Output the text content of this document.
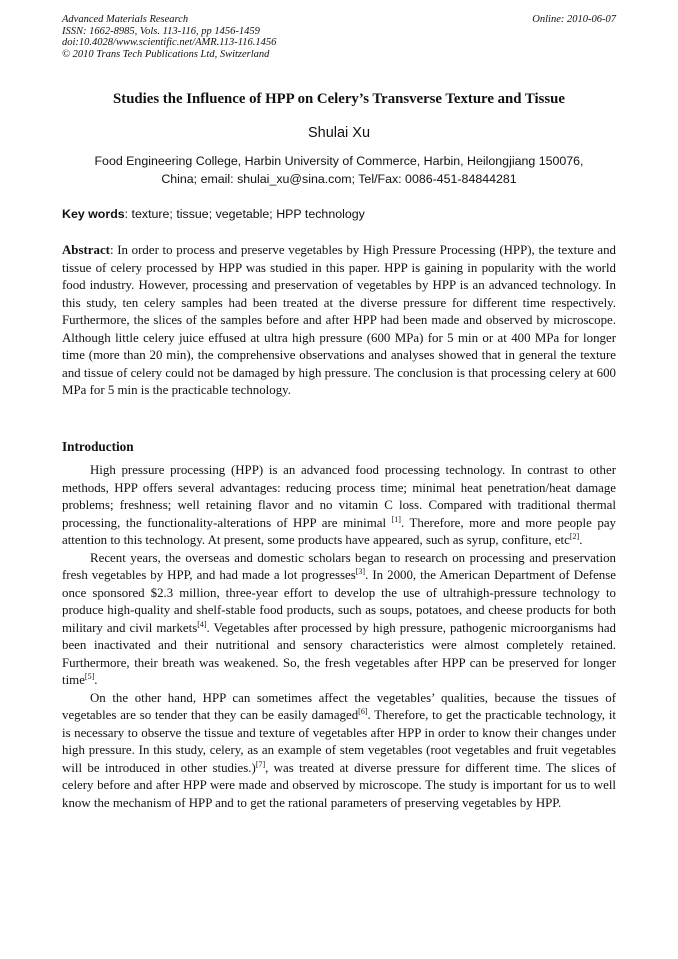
Advanced Materials Research
ISSN: 1662-8985, Vols. 113-116, pp 1456-1459
doi:10.4028/www.scientific.net/AMR.113-116.1456
© 2010 Trans Tech Publications Ltd, Switzerland
Online: 2010-06-07
Studies the Influence of HPP on Celery’s Transverse Texture and Tissue
Shulai Xu
Food Engineering College, Harbin University of Commerce, Harbin, Heilongjiang 150076,
China; email: shulai_xu@sina.com; Tel/Fax: 0086-451-84844281
Key words: texture; tissue; vegetable; HPP technology
Abstract: In order to process and preserve vegetables by High Pressure Processing (HPP), the texture and tissue of celery processed by HPP was studied in this paper. HPP is gaining in popularity with the world food industry. However, processing and preservation of vegetables by HPP is an advanced technology. In this study, ten celery samples had been treated at the diverse pressure for different time respectively. Furthermore, the slices of the samples before and after HPP had been made and observed by microscope. Although little celery juice effused at ultra high pressure (600 MPa) for 5 min or at 400 MPa for longer time (more than 20 min), the comprehensive observations and analyses showed that in general the texture and tissue of celery could not be damaged by high pressure. The conclusion is that processing celery at 600 MPa for 5 min is the practicable technology.
Introduction

High pressure processing (HPP) is an advanced food processing technology. In contrast to other methods, HPP offers several advantages: reducing process time; minimal heat penetration/heat damage problems; freshness; well retaining flavor and no vitamin C loss. Compared with traditional thermal processing, the functionality-alterations of HPP are minimal [1]. Therefore, more and more people pay attention to this technology. At present, some products have appeared, such as syrup, confiture, etc[2].

Recent years, the overseas and domestic scholars began to research on processing and preservation fresh vegetables by HPP, and had made a lot progresses[3]. In 2000, the American Department of Defense once sponsored $2.3 million, three-year effort to develop the use of ultrahigh-pressure technology to produce high-quality and shelf-stable food products, such as soups, potatoes, and cheese products for both military and civil markets[4]. Vegetables after processed by high pressure, pathogenic microorganisms had been inactivated and their nutritional and sensory characteristics were almost completely retained. Furthermore, their breath was weakened. So, the fresh vegetables after HPP can be preserved for longer time[5].

On the other hand, HPP can sometimes affect the vegetables’ qualities, because the tissues of vegetables are so tender that they can be easily damaged[6]. Therefore, to get the practicable technology, it is necessary to observe the tissue and texture of vegetables after HPP in order to know their changes under high pressure. In this study, celery, as an example of stem vegetables (root vegetables and fruit vegetables will be introduced in other studies.)[7], was treated at diverse pressure for different time. The slices of celery before and after HPP were made and observed by microscope. The study is important for us to well know the mechanism of HPP and to get the rational parameters of preserving vegetables by HPP.
